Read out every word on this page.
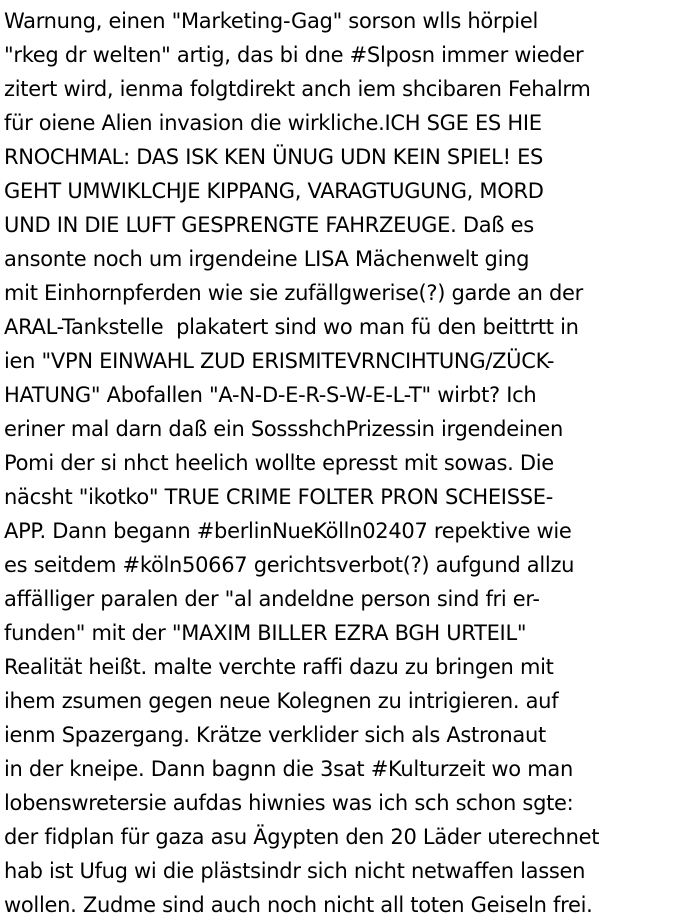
Warnung, einen "Marketing-Gag" sorson wlls hörpiel
"rkeg dr welten" artig, das bi dne #Slposn immer wieder
zitert wird, ienma folgtdirekt anch iem shcibaren Fehalrm
für oiene Alien invasion die wirkliche.ICH SGE ES HIE
RNOCHMAL: DAS ISK KEN ÜNUG UDN KEIN SPIEL! ES
GEHT UMWIKLCHJE KIPPANG, VARAGTUGUNG, MORD
UND IN DIE LUFT GESPRENGTE FAHRZEUGE. Daß es
ansonte noch um irgendeine LISA Mächenwelt ging
mit Einhornpferden wie sie zufällgwerise(?) garde an der
ARAL-Tankstelle  plakatert sind wo man fü den beittrtt in
ien "VPN EINWAHL ZUD ERISMITEVRNCIHTUNG/ZÜCK-
HATUNG" Abofallen "A-N-D-E-R-S-W-E-L-T" wirbt? Ich
eriner mal darn daß ein SossshchPrizessin irgendeinen
Pomi der si nhct heelich wollte epresst mit sowas. Die
näcsht "ikotko" TRUE CRIME FOLTER PRON SCHEISSE-
APP. Dann begann #berlinNueKölln02407 repektive wie
es seitdem #köln50667 gerichtsverbot(?) aufgund allzu
affälliger paralen der "al andeldne person sind fri er-
funden" mit der "MAXIM BILLER EZRA BGH URTEIL"
Realität heißt. malte verchte raffi dazu zu bringen mit
ihem zsumen gegen neue Kolegnen zu intrigieren. auf
ienm Spazergang. Krätze verklider sich als Astronaut
in der kneipe. Dann bagnn die 3sat #Kulturzeit wo man
lobenswretersie aufdas hiwnies was ich sch schon sgte:
der fidplan für gaza asu Ägypten den 20 Läder uterechnet
hab ist Ufug wi die plästsindr sich nicht netwaffen lassen
wollen. Zudme sind auch noch nicht all toten Geiseln frei.
